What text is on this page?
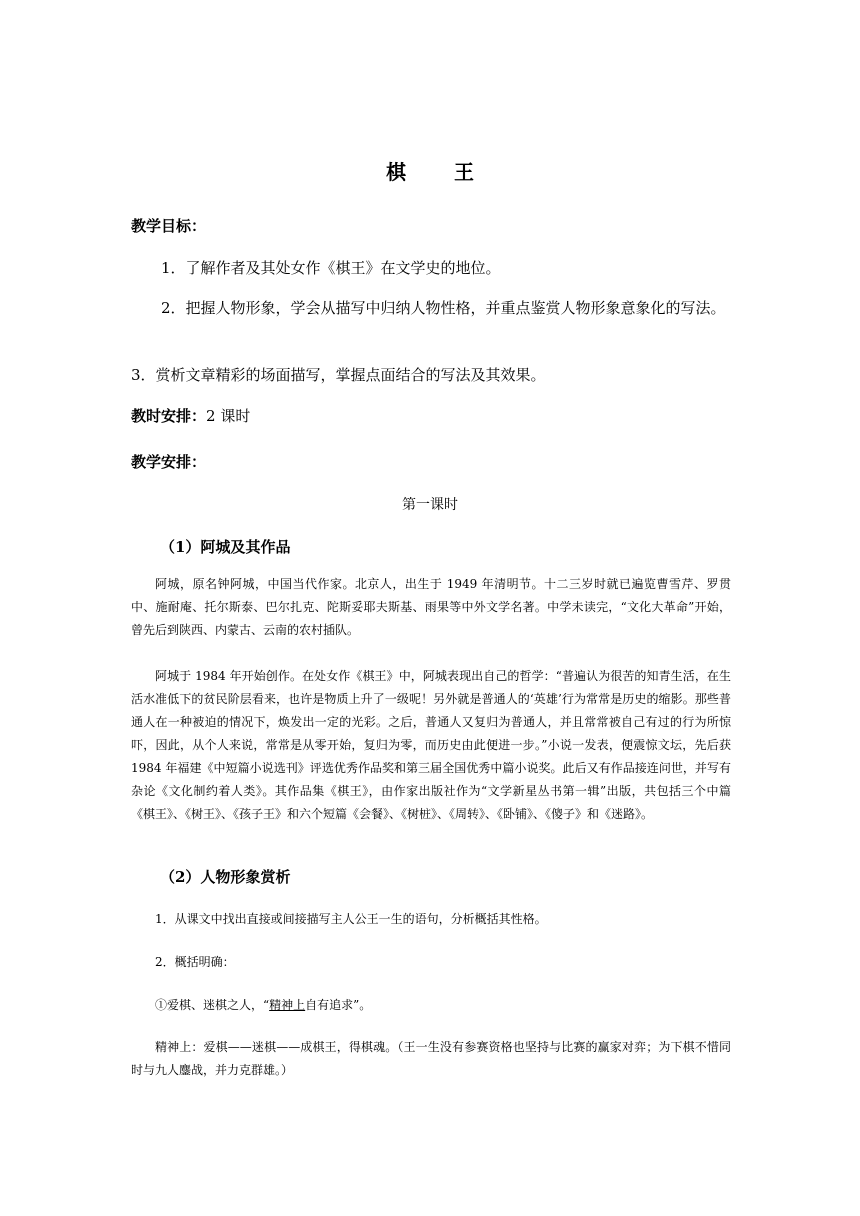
棋　王
教学目标：
1．了解作者及其处女作《棋王》在文学史的地位。
2．把握人物形象，学会从描写中归纳人物性格，并重点鉴赏人物形象意象化的写法。
3．赏析文章精彩的场面描写，掌握点面结合的写法及其效果。
教时安排：2 课时
教学安排：
第一课时
（1）阿城及其作品
阿城，原名钟阿城，中国当代作家。北京人，出生于 1949 年清明节。十二三岁时就已遍览曹雪芹、罗贯中、施耐庵、托尔斯泰、巴尔扎克、陀斯妥耶夫斯基、雨果等中外文学名著。中学未读完，“文化大革命”开始，曾先后到陕西、内蒙古、云南的农村插队。
阿城于 1984 年开始创作。在处女作《棋王》中，阿城表现出自己的哲学：“普遍认为很苦的知青生活，在生活水准低下的贫民阶层看来，也许是物质上升了一级呢！另外就是普通人的‘英雄’行为常常是历史的缩影。那些普通人在一种被迫的情况下，焕发出一定的光彩。之后，普通人又复归为普通人，并且常常被自己有过的行为所惊吓，因此，从个人来说，常常是从零开始，复归为零，而历史由此便进一步。”小说一发表，便震惊文坛，先后获 1984 年福建《中短篇小说选刊》评选优秀作品奖和第三届全国优秀中篇小说奖。此后又有作品接连问世，并写有杂论《文化制约着人类》。其作品集《棋王》，由作家出版社作为“文学新星丛书第一辑”出版，共包括三个中篇《棋王》、《树王》、《孩子王》和六个短篇《会餐》、《树桩》、《周转》、《卧铺》、《傻子》和《迷路》。
（2）人物形象赏析
1．从课文中找出直接或间接描写主人公王一生的语句，分析概括其性格。
2．概括明确：
①爱棋、迷棋之人，“精神上自有追求”。
精神上：爱棋——迷棋——成棋王，得棋魂。（王一生没有参赛资格也坚持与比赛的赢家对弈；为下棋不惜同时与九人鏖战，并力克群雄。）
